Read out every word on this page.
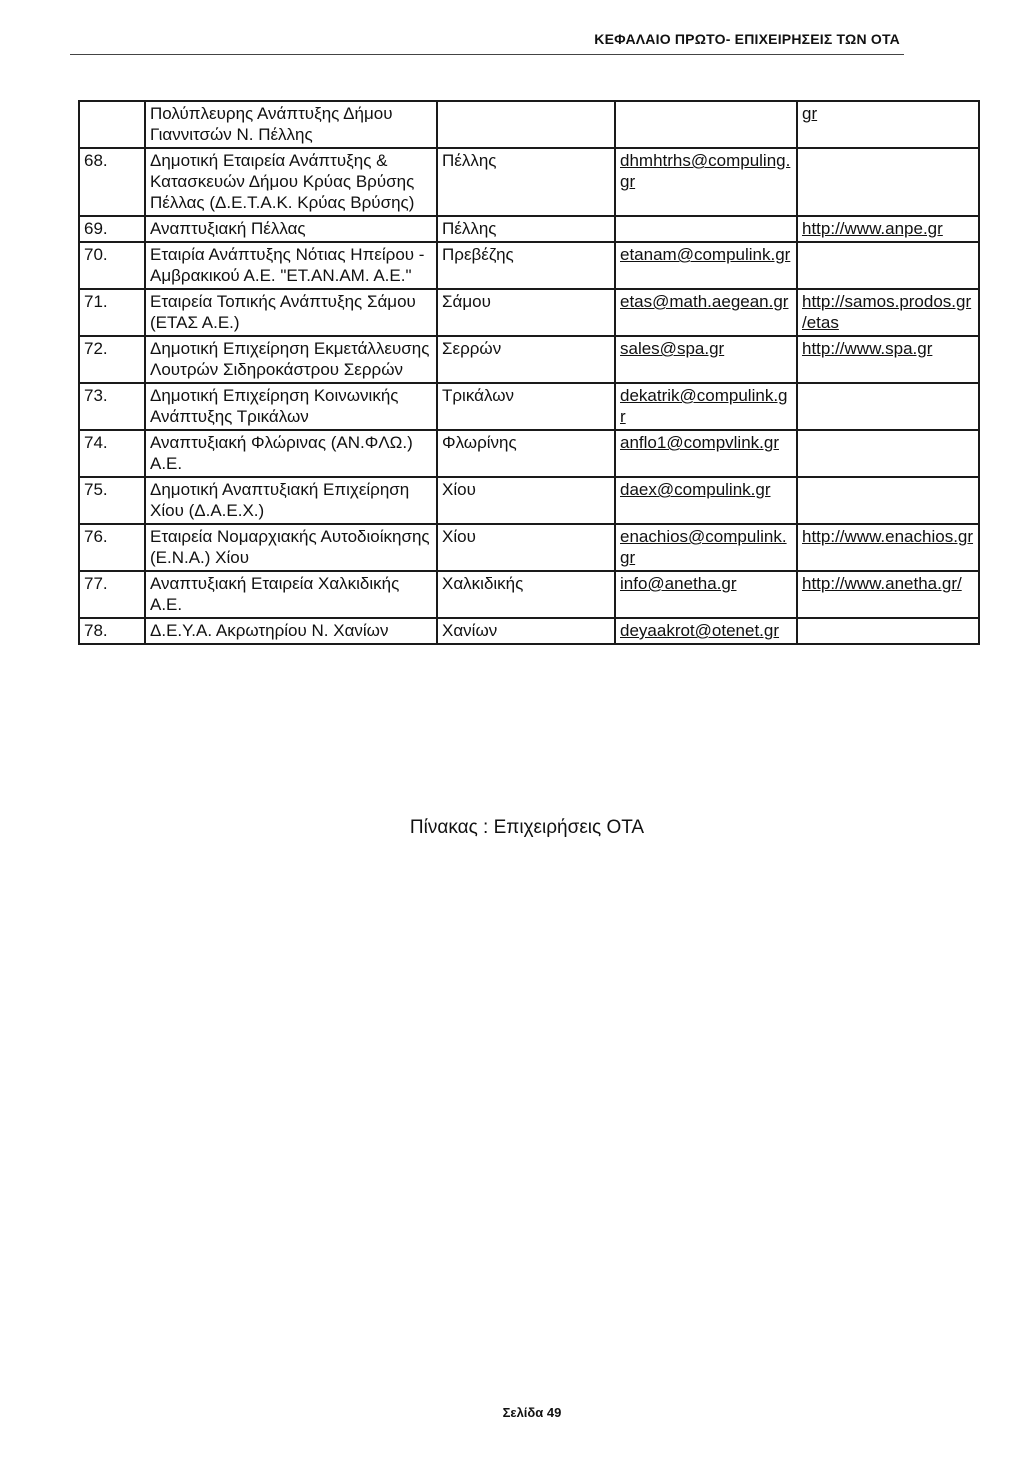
ΚΕΦΑΛΑΙΟ ΠΡΩΤΟ- ΕΠΙΧΕΙΡΗΣΕΙΣ ΤΩΝ ΟΤΑ
	Πολύπλευρης Ανάπτυξης Δήμου Γιαννιτσών Ν. Πέλλης			gr
68.	Δημοτική Εταιρεία Ανάπτυξης & Κατασκευών Δήμου Κρύας Βρύσης Πέλλας (Δ.Ε.Τ.Α.Κ. Κρύας Βρύσης)	Πέλλης	dhmhtrhs@compuling.gr	
69.	Αναπτυξιακή Πέλλας	Πέλλης		http://www.anpe.gr
70.	Εταιρία Ανάπτυξης Νότιας Ηπείρου - Αμβρακικού Α.Ε. "ΕΤ.ΑΝ.ΑΜ. Α.Ε."	Πρεβέζης	etanam@compulink.gr	
71.	Εταιρεία Τοπικής Ανάπτυξης Σάμου (ΕΤΑΣ Α.Ε.)	Σάμου	etas@math.aegean.gr	http://samos.prodos.gr/etas
72.	Δημοτική Επιχείρηση Εκμετάλλευσης Λουτρών Σιδηροκάστρου Σερρών	Σερρών	sales@spa.gr	http://www.spa.gr
73.	Δημοτική Επιχείρηση Κοινωνικής Ανάπτυξης Τρικάλων	Τρικάλων	dekatrik@compulink.gr	
74.	Αναπτυξιακή Φλώρινας (ΑΝ.ΦΛΩ.) Α.Ε.	Φλωρίνης	anflo1@compvlink.gr	
75.	Δημοτική Αναπτυξιακή Επιχείρηση Χίου (Δ.Α.Ε.Χ.)	Χίου	daex@compulink.gr	
76.	Εταιρεία Νομαρχιακής Αυτοδιοίκησης (Ε.Ν.Α.) Χίου	Χίου	enachios@compulink.gr	http://www.enachios.gr
77.	Αναπτυξιακή Εταιρεία Χαλκιδικής Α.Ε.	Χαλκιδικής	info@anetha.gr	http://www.anetha.gr/
78.	Δ.Ε.Υ.Α. Ακρωτηρίου Ν. Χανίων	Χανίων	deyaakrot@otenet.gr	
Πίνακας : Επιχειρήσεις ΟΤΑ
Σελίδα 49
